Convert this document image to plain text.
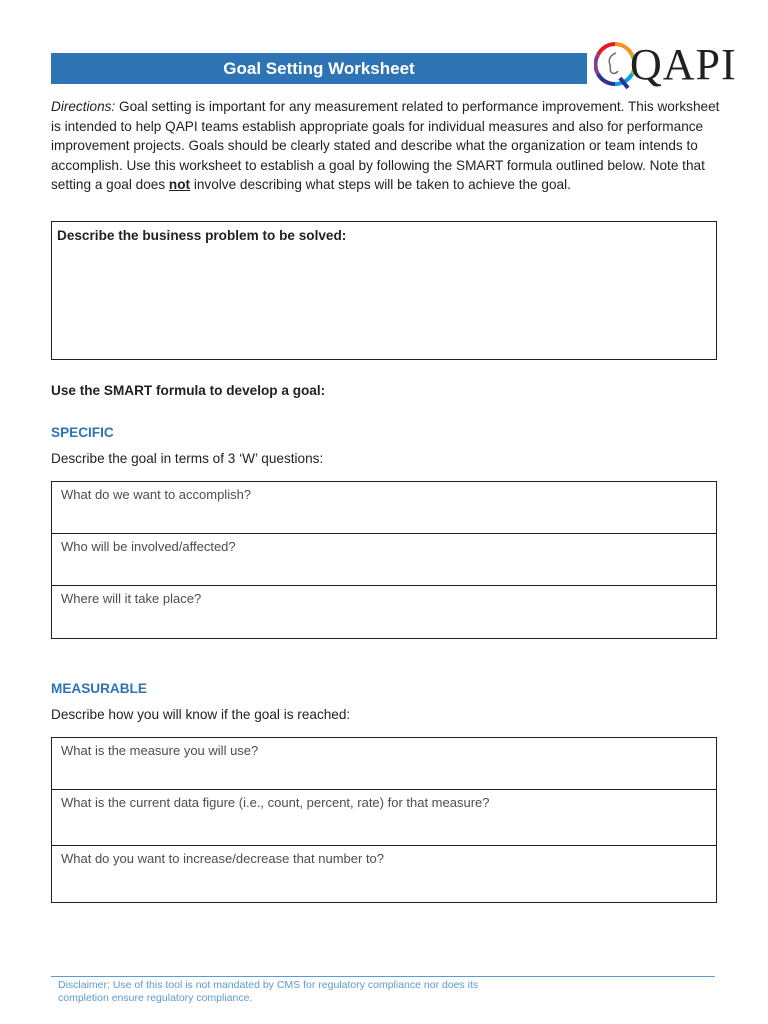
Goal Setting Worksheet	QAPI
Directions: Goal setting is important for any measurement related to performance improvement. This worksheet is intended to help QAPI teams establish appropriate goals for individual measures and also for performance improvement projects. Goals should be clearly stated and describe what the organization or team intends to accomplish. Use this worksheet to establish a goal by following the SMART formula outlined below. Note that setting a goal does not involve describing what steps will be taken to achieve the goal.
Describe the business problem to be solved:
Use the SMART formula to develop a goal:
SPECIFIC
Describe the goal in terms of 3 ‘W’ questions:
What do we want to accomplish?
Who will be involved/affected?
Where will it take place?
MEASURABLE
Describe how you will know if the goal is reached:
What is the measure you will use?
What is the current data figure (i.e., count, percent, rate) for that measure?
What do you want to increase/decrease that number to?
Disclaimer: Use of this tool is not mandated by CMS for regulatory compliance nor does its completion ensure regulatory compliance.
